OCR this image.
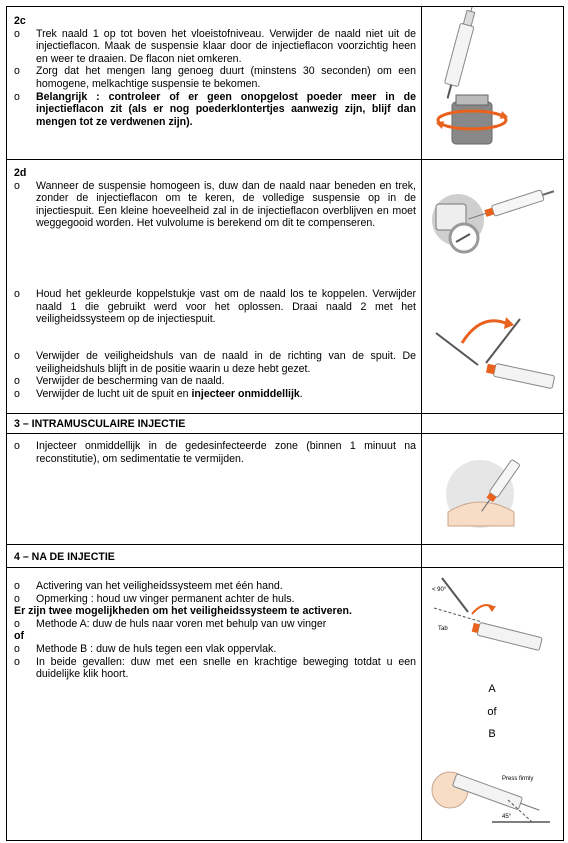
2c
o Trek naald 1 op tot boven het vloeistofniveau. Verwijder de naald niet uit de injectieflacon. Maak de suspensie klaar door de injectieflacon voorzichtig heen en weer te draaien. De flacon niet omkeren.
o Zorg dat het mengen lang genoeg duurt (minstens 30 seconden) om een homogene, melkachtige suspensie te bekomen.
o Belangrijk : controleer of er geen onopgelost poeder meer in de injectieflacon zit (als er nog poederklontertjes aanwezig zijn, blijf dan mengen tot ze verdwenen zijn).
2d
o Wanneer de suspensie homogeen is, duw dan de naald naar beneden en trek, zonder de injectieflacon om te keren, de volledige suspensie op in de injectiespuit. Een kleine hoeveelheid zal in de injectieflacon overblijven en moet weggegooid worden. Het vulvolume is berekend om dit te compenseren.
o Houd het gekleurde koppelstukje vast om de naald los te koppelen. Verwijder naald 1 die gebruikt werd voor het oplossen. Draai naald 2 met het veiligheidssysteem op de injectiespuit.
o Verwijder de veiligheidshuls van de naald in de richting van de spuit. De veiligheidshuls blijft in de positie waarin u deze hebt gezet.
o Verwijder de bescherming van de naald.
o Verwijder de lucht uit de spuit en injecteer onmiddellijk.
3 – INTRAMUSCULAIRE INJECTIE
o Injecteer onmiddellijk in de gedesinfecteerde zone (binnen 1 minuut na reconstitutie), om sedimentatie te vermijden.
4 – NA DE INJECTIE
o Activering van het veiligheidssysteem met één hand.
o Opmerking : houd uw vinger permanent achter de huls.
Er zijn twee mogelijkheden om het veiligheidssysteem te activeren.
o Methode A: duw de huls naar voren met behulp van uw vinger
of
o Methode B : duw de huls tegen een vlak oppervlak.
o In beide gevallen: duw met een snelle en krachtige beweging totdat u een duidelijke klik hoort.
< 90°
Tab
Press firmly
45°
A
of
B
